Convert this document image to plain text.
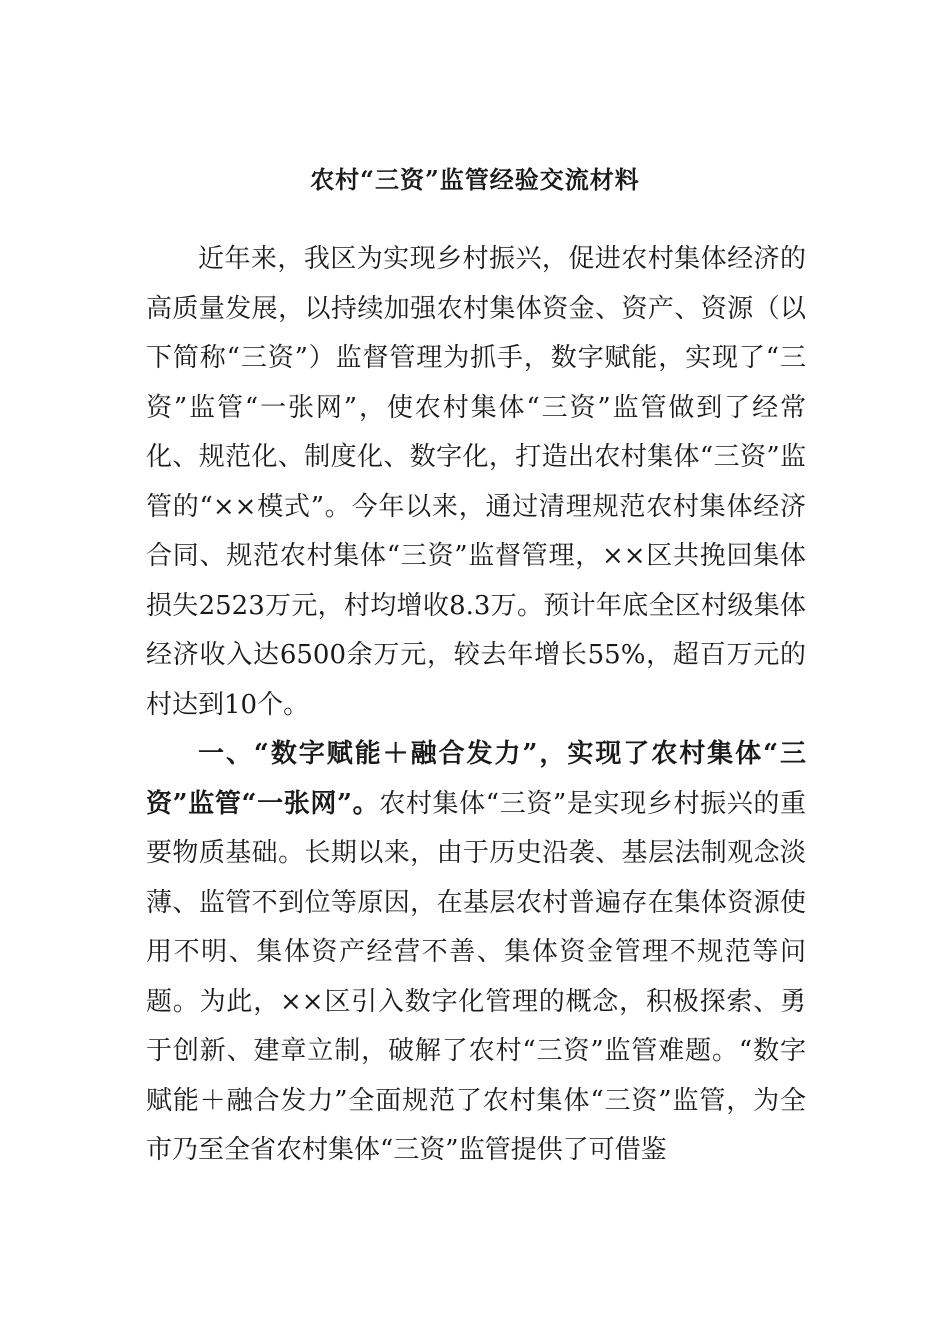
农村“三资”监管经验交流材料

近年来，我区为实现乡村振兴，促进农村集体经济的高质量发展，以持续加强农村集体资金、资产、资源（以下简称“三资”）监督管理为抓手，数字赋能，实现了“三资”监管“一张网”，使农村集体“三资”监管做到了经常化、规范化、制度化、数字化，打造出农村集体“三资”监管的“××模式”。今年以来，通过清理规范农村集体经济合同、规范农村集体“三资”监督管理，××区共挽回集体损失2523万元，村均增收8.3万。预计年底全区村级集体经济收入达6500余万元，较去年增长55%，超百万元的村达到10个。

一、“数字赋能＋融合发力”，实现了农村集体“三资”监管“一张网”。农村集体“三资”是实现乡村振兴的重要物质基础。长期以来，由于历史沿袭、基层法制观念淡薄、监管不到位等原因，在基层农村普遍存在集体资源使用不明、集体资产经营不善、集体资金管理不规范等问题。为此，××区引入数字化管理的概念，积极探索、勇于创新、建章立制，破解了农村“三资”监管难题。“数字赋能＋融合发力”全面规范了农村集体“三资”监管，为全市乃至全省农村集体“三资”监管提供了可借鉴
